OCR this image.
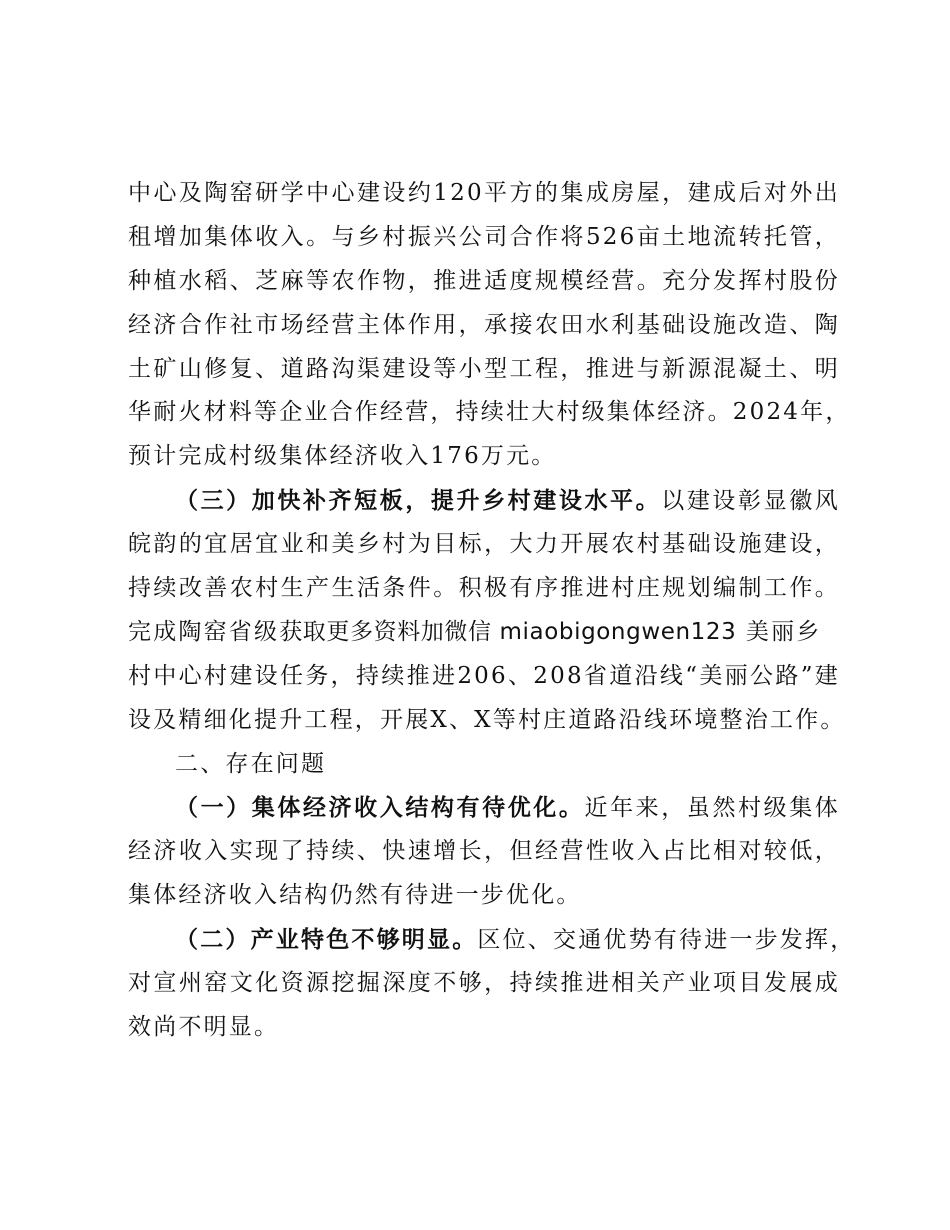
中心及陶窑研学中心建设约120平方的集成房屋，建成后对外出
租增加集体收入。与乡村振兴公司合作将526亩土地流转托管，
种植水稻、芝麻等农作物，推进适度规模经营。充分发挥村股份
经济合作社市场经营主体作用，承接农田水利基础设施改造、陶
土矿山修复、道路沟渠建设等小型工程，推进与新源混凝土、明
华耐火材料等企业合作经营，持续壮大村级集体经济。2024年，
预计完成村级集体经济收入176万元。
（三）加快补齐短板，提升乡村建设水平。以建设彰显徽风
皖韵的宜居宜业和美乡村为目标，大力开展农村基础设施建设，
持续改善农村生产生活条件。积极有序推进村庄规划编制工作。
完成陶窑省级获取更多资料加微信 miaobigongwen123 美丽乡
村中心村建设任务，持续推进206、208省道沿线“美丽公路”建
设及精细化提升工程，开展X、X等村庄道路沿线环境整治工作。
二、存在问题
（一）集体经济收入结构有待优化。近年来，虽然村级集体
经济收入实现了持续、快速增长，但经营性收入占比相对较低，
集体经济收入结构仍然有待进一步优化。
（二）产业特色不够明显。区位、交通优势有待进一步发挥，
对宣州窑文化资源挖掘深度不够，持续推进相关产业项目发展成
效尚不明显。
